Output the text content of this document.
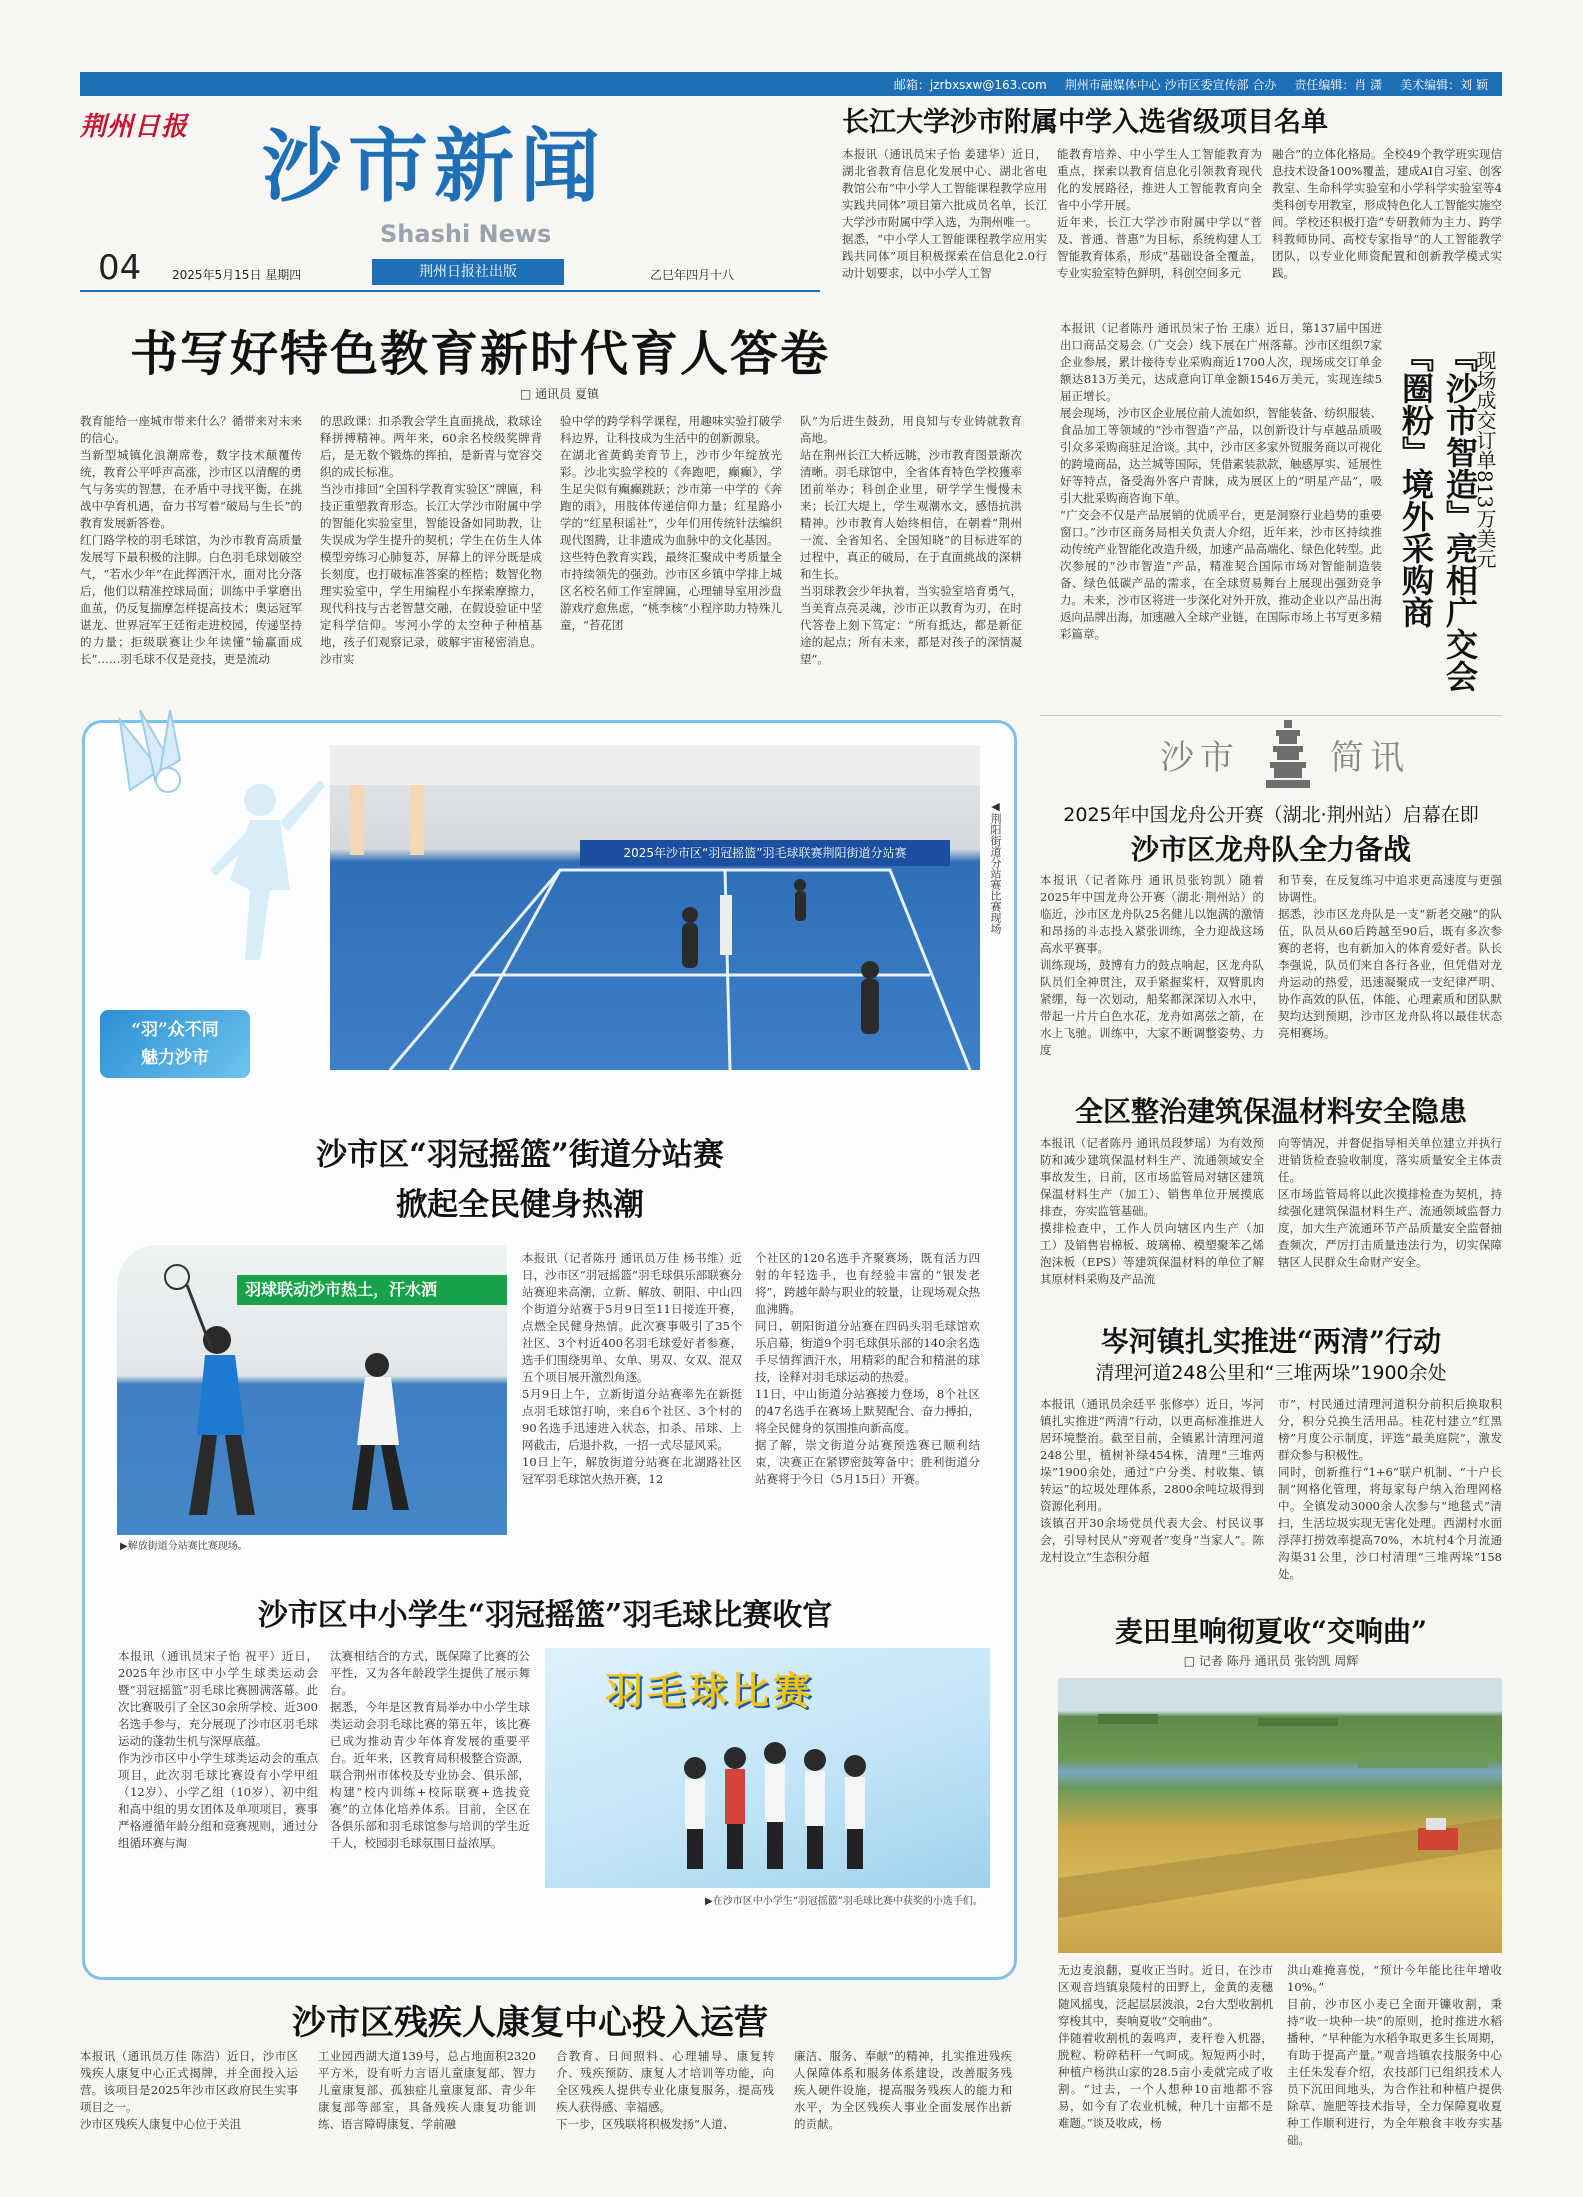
邮箱：jzrbxsxw@163.com 荆州市融媒体中心 沙市区委宣传部 合办 责任编辑：肖 潇 美术编辑：刘 颖
荆州日报 沙市新闻
Shashi News
04	2025年5月15日 星期四	荆州日报社出版	乙巳年四月十八
长江大学沙市附属中学入选省级项目名单
本报讯（通讯员宋子怡 姜建华）近日，湖北省教育信息化发展中心、湖北省电教馆公布“中小学人工智能课程教学应用实践共同体”项目第六批成员名单，长江大学沙市附属中学入选，为荆州唯一。
据悉，“中小学人工智能课程教学应用实践共同体”项目积极探索在信息化2.0行动计划要求，以中小学人工智
能教育培养、中小学生人工智能教育为重点，探索以教育信息化引领教育现代化的发展路径，推进人工智能教育向全省中小学开展。
近年来，长江大学沙市附属中学以“普及、普通、普惠”为目标，系统构建人工智能教育体系，形成“基础设备全覆盖，专业实验室特色鲜明，科创空间多元
融合”的立体化格局。全校49个教学班实现信息技术设备100%覆盖，建成AI自习室、创客教室、生命科学实验室和小学科学实验室等4类科创专用教室，形成特色化人工智能实施空间。学校还积极打造“专研教师为主力、跨学科教师协同、高校专家指导”的人工智能教学团队，以专业化师资配置和创新教学模式实践。
书写好特色教育新时代育人答卷
□ 通讯员 夏镇
教育能给一座城市带来什么？循带来对未来的信心。
当新型城镇化浪潮席卷，数字技术颠覆传统，教育公平呼声高涨，沙市区以清醒的勇气与务实的智慧，在矛盾中寻找平衡，在挑战中孕育机遇，奋力书写着“破局与生长”的教育发展新答卷。
红门路学校的羽毛球馆，为沙市教育高质量发展写下最积极的注脚。白色羽毛球划破空气，“若水少年”在此挥洒汗水，面对比分落后，他们以精准控球局面；训练中手掌磨出血茧，仍反复揣摩怎样提高技术；奥运冠军谌龙、世界冠军王廷衔走进校园，传递坚持的力量；拒级联赛让少年读懂“输赢面成长”……羽毛球不仅是竞技，更是流动
的思政课：扣杀教会学生直面挑战，救球诠释拼搏精神。两年来，60余名校级奖牌背后，是无数个锻炼的挥拍，是新青与宽容交织的成长标准。
当沙市排回“全国科学教育实验区”牌匾，科技正重塑教育形态。长江大学沙市附属中学的智能化实验室里，智能设备如同助教，让失误成为学生提升的契机；学生在仿生人体模型旁练习心肺复苏，屏幕上的评分既是成长刻度，也打破标准答案的桎梏；数智化物理实验室中，学生用编程小车探索摩擦力，现代科技与古老智慧交融，在假设验证中坚定科学信仰。岑河小学的太空种子种植基地，孩子们观察记录，破解宇宙秘密消息。沙市实
验中学的跨学科学课程，用趣味实验打破学科边界，让科技成为生活中的创新源泉。
在湖北省黄鹤美育节上，沙市少年绽放光彩。沙北实验学校的《奔跑吧，癫癫》，学生足尖似有癫癫跳跃；沙市第一中学的《奔跑的雨》，用肢体传递信仰力量；红星路小学的“红星积谣社”，少年们用传统针法编织现代图腾，让非遗成为血脉中的文化基因。
这些特色教育实践，最终汇聚成中考质量全市持续领先的强劲。沙市区乡镇中学排上城区名校名师工作室牌匾，心理辅导室用沙盘游戏疗愈焦虑，“桃李核”小程序助力特殊儿童，“苔花团
队”为后进生鼓劲，用良知与专业铸就教育高地。
站在荆州长江大桥远眺，沙市教育图景渐次清晰。羽毛球馆中，全省体育特色学校獲率团前举办；科创企业里，研学学生慢慢未来；长江大堤上，学生观潮水文，感悟抗洪精神。沙市教育人始终相信，在朝着“荆州一流、全省知名、全国知晓”的目标进军的过程中，真正的破局，在于直面挑战的深耕和生长。
当羽球教会少年执着，当实验室培育勇气，当美育点亮灵魂，沙市正以教育为刃，在时代答卷上刻下笃定：“所有抵达，都是新征途的起点；所有未来，都是对孩子的深情凝望”。
本报讯（记者陈丹 通讯员宋子怡 王康）近日，第137届中国进出口商品交易会（广交会）线下展在广州落幕。沙市区组织7家企业参展，累计接待专业采购商近1700人次，现场成交订单金额达813万美元，达成意向订单金额1546万美元，实现连续5届正增长。
展会现场，沙市区企业展位前人流如织，智能装备、纺织服装、食品加工等领域的“沙市智造”产品，以创新设计与卓越品质吸引众多采购商驻足洽谈。其中，沙市区多家外贸服务商以可视化的跨境商品，达兰城等国际，凭借素装款款，触感厚实、延展性好等特点，备受海外客户青睐，成为展区上的“明星产品”，吸引大批采购商咨询下单。
“广交会不仅是产品展销的优质平台，更是洞察行业趋势的重要窗口。”沙市区商务局相关负责人介绍，近年来，沙市区持续推动传统产业智能化改造升级，加速产品高端化、绿色化转型。此次参展的“沙市智造”产品，精准契合国际市场对智能制造装备、绿色低碳产品的需求，在全球贸易舞台上展现出强劲竞争力。未来，沙市区将进一步深化对外开放，推动企业以产品出海返向品牌出海，加速融入全球产业链，在国际市场上书写更多精彩篇章。	『沙市智造』亮相广交会
『圈粉』境外采购商 现场成交订单813万美元
“羽”众不同
魅力沙市
2025年沙市区“羽冠摇篮”羽毛球联赛荆阳街道分站赛	◀荆阳街道分站赛比赛现场
沙市区“羽冠摇篮”街道分站赛
掀起全民健身热潮
羽球联动沙市热土，汗水洒
▶解放街道分站赛比赛现场。
本报讯（记者陈丹 通讯员万佳 杨书维）近日，沙市区“羽冠摇篮”羽毛球俱乐部联赛分站赛迎来高潮，立新、解放、朝阳、中山四个街道分站赛于5月9日至11日接连开赛，点燃全民健身热情。此次赛事吸引了35个社区、3个村近400名羽毛球爱好者参赛，选手们围绕男单、女单、男双、女双、混双五个项目展开激烈角逐。
5月9日上午，立新街道分站赛率先在新挺点羽毛球馆打响，来自6个社区、3个村的90名选手迅速进入状态，扣杀、吊球、上网截击，后退扑救，一招一式尽显风采。
10日上午，解放街道分站赛在北湖路社区冠军羽毛球馆火热开赛，12
个社区的120名选手齐聚赛场，既有活力四射的年轻选手，也有经验丰富的“银发老将”，跨越年龄与职业的较量，让现场观众热血沸腾。
同日，朝阳街道分站赛在四码头羽毛球馆欢乐启幕，街道9个羽毛球俱乐部的140余名选手尽情挥洒汗水，用精彩的配合和精湛的球技，诠释对羽毛球运动的热爱。
11日，中山街道分站赛接力登场，8个社区的47名选手在赛场上默契配合、奋力搏拍，将全民健身的氛围推向新高度。
据了解，崇文街道分站赛预选赛已顺利结束，决赛正在紧锣密鼓筹备中；胜利街道分站赛将于今日（5月15日）开赛。
沙市区中小学生“羽冠摇篮”羽毛球比赛收官
本报讯（通讯员宋子怡 祝平）近日，2025年沙市区中小学生球类运动会暨“羽冠摇篮”羽毛球比赛圆满落幕。此次比赛吸引了全区30余所学校、近300名选手参与，充分展现了沙市区羽毛球运动的蓬勃生机与深厚底蕴。
作为沙市区中小学生球类运动会的重点项目，此次羽毛球比赛设有小学甲组（12岁）、小学乙组（10岁）、初中组和高中组的男女团体及单项项目，赛事严格遵循年龄分组和竞赛规则，通过分组循环赛与淘
汰赛相结合的方式，既保障了比赛的公平性，又为各年龄段学生提供了展示舞台。
据悉，今年是区教育局举办中小学生球类运动会羽毛球比赛的第五年，该比赛已成为推动青少年体育发展的重要平台。近年来，区教育局积极整合资源，联合荆州市体校及专业协会、俱乐部，构建“校内训练+校际联赛+选拔竞赛”的立体化培养体系。目前，全区在各俱乐部和羽毛球馆参与培训的学生近千人，校园羽毛球氛围日益浓厚。
羽毛球比赛
▶在沙市区中小学生“羽冠摇篮”羽毛球比赛中获奖的小选手们。
沙市区残疾人康复中心投入运营
本报讯（通讯员万佳 陈浩）近日，沙市区残疾人康复中心正式揭牌，并全面投入运营。该项目是2025年沙市区政府民生实事项目之一。
沙市区残疾人康复中心位于关沮
工业园西湖大道139号，总占地面积2320平方米，设有听力言语儿童康复部、智力儿童康复部、孤独症儿童康复部、青少年康复部等部室，具备残疾人康复功能训练、语言障碍康复、学前融
合教育、日间照料、心理辅导、康复转介、残疾预防、康复人才培训等功能，向全区残疾人提供专业化康复服务，提高残疾人获得感、幸福感。
下一步，区残联将积极发扬“人道、
廉洁、服务、奉献”的精神，扎实推进残疾人保障体系和服务体系建设，改善服务残疾人硬件设施，提高服务残疾人的能力和水平，为全区残疾人事业全面发展作出新的贡献。
沙市	简讯
2025年中国龙舟公开赛（湖北·荆州站）启幕在即
沙市区龙舟队全力备战
本报讯（记者陈丹 通讯员张钧凯）随着2025年中国龙舟公开赛（湖北·荆州站）的临近，沙市区龙舟队25名健儿以饱满的激情和昂扬的斗志投入紧张训练，全力迎战这场高水平赛事。
训练现场，鼓博有力的鼓点响起，区龙舟队队员们全神贯注，双手紧握桨杆，双臂肌肉紧绷，每一次划动，船桨都深深切入水中，带起一片片白色水花，龙舟如离弦之箭，在水上飞驰。训练中，大家不断调整姿势、力度
和节奏，在反复练习中追求更高速度与更强协调性。
据悉，沙市区龙舟队是一支“新老交融”的队伍，队员从60后跨越至90后，既有多次参赛的老将，也有新加入的体育爱好者。队长李强说，队员们来自各行各业，但凭借对龙舟运动的热爱，迅速凝聚成一支纪律严明、协作高效的队伍，体能、心理素质和团队默契均达到预期，沙市区龙舟队将以最佳状态亮相赛场。
全区整治建筑保温材料安全隐患
本报讯（记者陈丹 通讯员段梦瑶）为有效预防和减少建筑保温材料生产、流通领域安全事故发生，日前，区市场监管局对辖区建筑保温材料生产（加工）、销售单位开展摸底排查，夯实监管基础。
摸排检查中，工作人员向辖区内生产（加工）及销售岩棉板、玻璃棉、模塑聚苯乙烯泡沫板（EPS）等建筑保温材料的单位了解其原材料采购及产品流
向等情况，并督促指导相关单位建立并执行进销货检查验收制度，落实质量安全主体责任。
区市场监管局将以此次摸排检查为契机，持续强化建筑保温材料生产、流通领域监督力度，加大生产流通环节产品质量安全监督抽查频次，严厉打击质量违法行为，切实保障辖区人民群众生命财产安全。
岑河镇扎实推进“两清”行动
清理河道248公里和“三堆两垛”1900余处
本报讯（通讯员余廷平 张修亭）近日，岑河镇扎实推进“两清”行动，以更高标准推进人居环境整治。截至目前，全镇累计清理河道248公里，植树补绿454株，清理“三堆两垛”1900余处，通过“户分类、村收集、镇转运”的垃圾处理体系，2800余吨垃圾得到资源化利用。
该镇召开30余场党员代表大会、村民议事会，引导村民从“旁观者”变身“当家人”。陈龙村设立“生态积分超
市”，村民通过清理河道积分前积后换取积分，积分兑换生活用品。桂花村建立“红黑榜”月度公示制度，评选“最美庭院”，激发群众参与积极性。
同时，创新推行“1+6”联户机制、“十户长制”网格化管理，将每家每户纳入治理网格中。全镇发动3000余人次参与“地毯式”清扫，生活垃圾实现无害化处理。西湖村水面浮萍打捞效率提高70%，木坑村4个月流通沟渠31公里，沙口村清理“三堆两垛”158处。
麦田里响彻夏收“交响曲”
□ 记者 陈丹 通讯员 张钧凯 周辉
无边麦浪翻，夏收正当时。近日，在沙市区观音垱镇泉陵村的田野上，金黄的麦穗随风摇曳，泛起层层波浪，2台大型收割机穿梭其中，奏响夏收“交响曲”。
伴随着收割机的轰鸣声，麦秆卷入机器，脱粒、粉碎秸秆一气呵成。短短两小时，种植户杨洪山家的28.5亩小麦就完成了收割。“过去，一个人想种10亩地都不容易，如今有了农业机械，种几十亩都不是难题。”谈及收成，杨
洪山难掩喜悦，“预计今年能比往年增收10%。”
目前，沙市区小麦已全面开镰收割，秉持“收一块种一块”的原则，抢时推进水稻播种，“早种能为水稻争取更多生长周期，有助于提高产量。”观音垱镇农技服务中心主任朱发春介绍，农技部门已组织技术人员下沉田间地头，为合作社和种植户提供除草、施肥等技术指导，全力保障夏收夏种工作顺利进行，为全年粮食丰收夯实基础。
